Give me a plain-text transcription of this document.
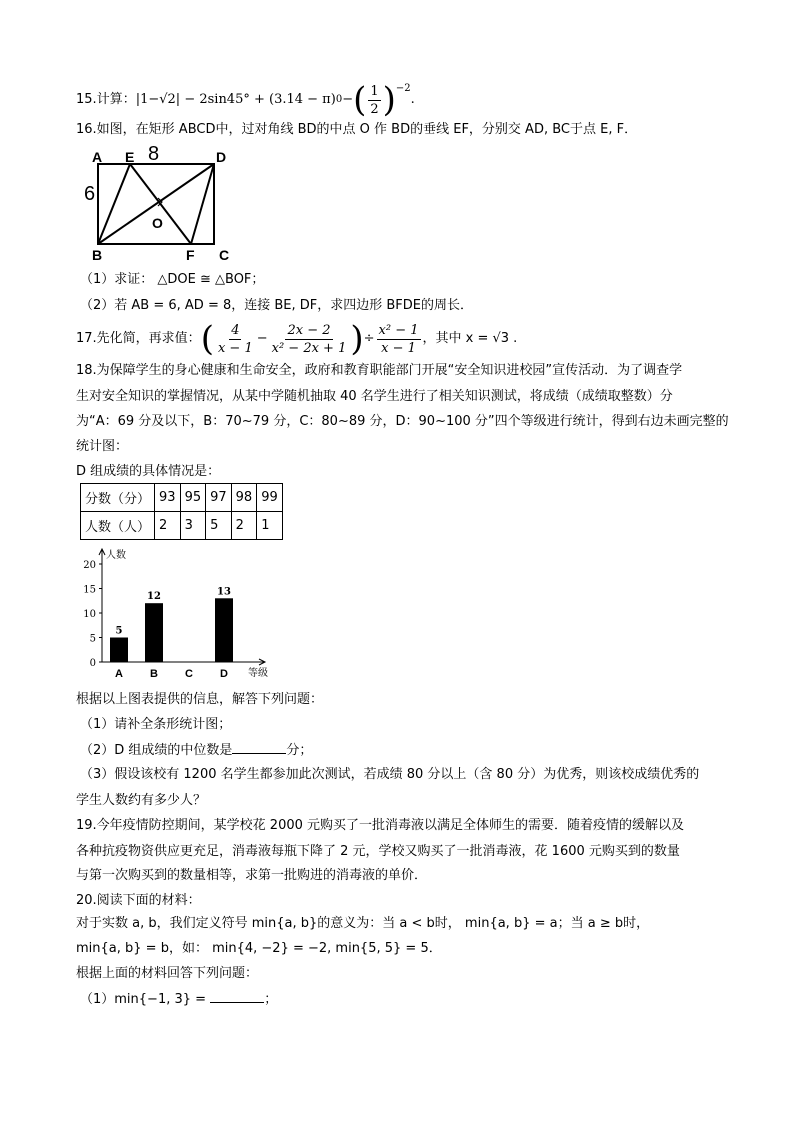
15. 计算： |1−√2| − 2sin45° + (3.14 − π) 0 − ( $\frac{1}{2} )^{-2}$
.
16.如图，在矩形 ABCD中，过对角线 BD的中点 O 作 BD的垂线 EF，分别交 AD, BC于点 E, F．
A E	D
B	F C
O
8
6
（1）求证： △DOE ≅ △BOF；
（2）若 AB = 6, AD = 8，连接 BE, DF，求四边形 BFDE的周长．
17.先化简，再求值： ( $\frac{4}{x - 1} - \frac{2x - 2}{\text{x² − 2x + 1}}$ ) ÷ $\frac{\text{x² − 1}}{x - 1}$ ，其中 x = √3 .
18.为保障学生的身心健康和生命安全，政府和教育职能部门开展“安全知识进校园”宣传活动．为了调查学
生对安全知识的掌握情况，从某中学随机抽取 40 名学生进行了相关知识测试，将成绩（成绩取整数）分
为“A：69 分及以下，B：70~79 分，C：80~89 分，D：90~100 分”四个等级进行统计，得到右边未画完整的
统计图：
D 组成绩的具体情况是：
分数（分）	93	95	97	98	99
人数（人）	2	3	5	2	1
人数
等级
0
5
10
15
20
A
5
B
12
C D
13
根据以上图表提供的信息，解答下列问题：
（1）请补全条形统计图；
（2）D 组成绩的中位数是	分；
（3）假设该校有 1200 名学生都参加此次测试，若成绩 80 分以上（含 80 分）为优秀，则该校成绩优秀的
学生人数约有多少人？
19.今年疫情防控期间，某学校花 2000 元购买了一批消毒液以满足全体师生的需要．随着疫情的缓解以及
各种抗疫物资供应更充足，消毒液每瓶下降了 2 元，学校又购买了一批消毒液，花 1600 元购买到的数量
与第一次购买到的数量相等，求第一批购进的消毒液的单价．
20.阅读下面的材料：
对于实数 a, b，我们定义符号 min{a, b}的意义为：当 a < b时， min{a, b} = a；当 a ≥ b时，
min{a, b} = b，如： min{4, −2} = −2, min{5, 5} = 5．
根据上面的材料回答下列问题：
（1）min{−1, 3} =	；
